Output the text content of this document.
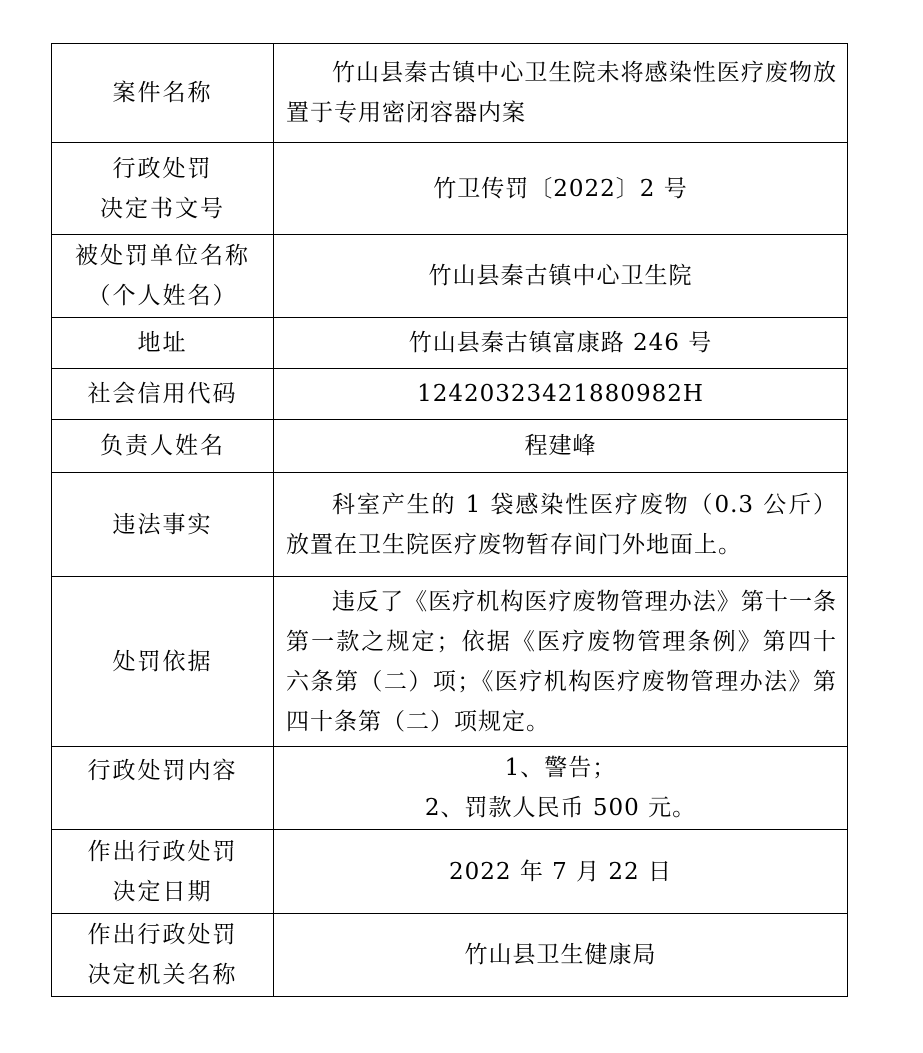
案件名称	竹山县秦古镇中心卫生院未将感染性医疗废物放置于专用密闭容器内案

行政处罚
决定书文号	竹卫传罚〔2022〕2 号

被处罚单位名称
（个人姓名）	竹山县秦古镇中心卫生院

地址	竹山县秦古镇富康路 246 号

社会信用代码	12420323421880982H

负责人姓名	程建峰

违法事实	科室产生的 1 袋感染性医疗废物（0.3 公斤）放置在卫生院医疗废物暂存间门外地面上。

处罚依据	违反了《医疗机构医疗废物管理办法》第十一条第一款之规定；依据《医疗废物管理条例》第四十六条第（二）项；《医疗机构医疗废物管理办法》第四十条第（二）项规定。

行政处罚内容	1、警告；
2、罚款人民币 500 元。

作出行政处罚
决定日期	2022 年 7 月 22 日

作出行政处罚
决定机关名称	竹山县卫生健康局
